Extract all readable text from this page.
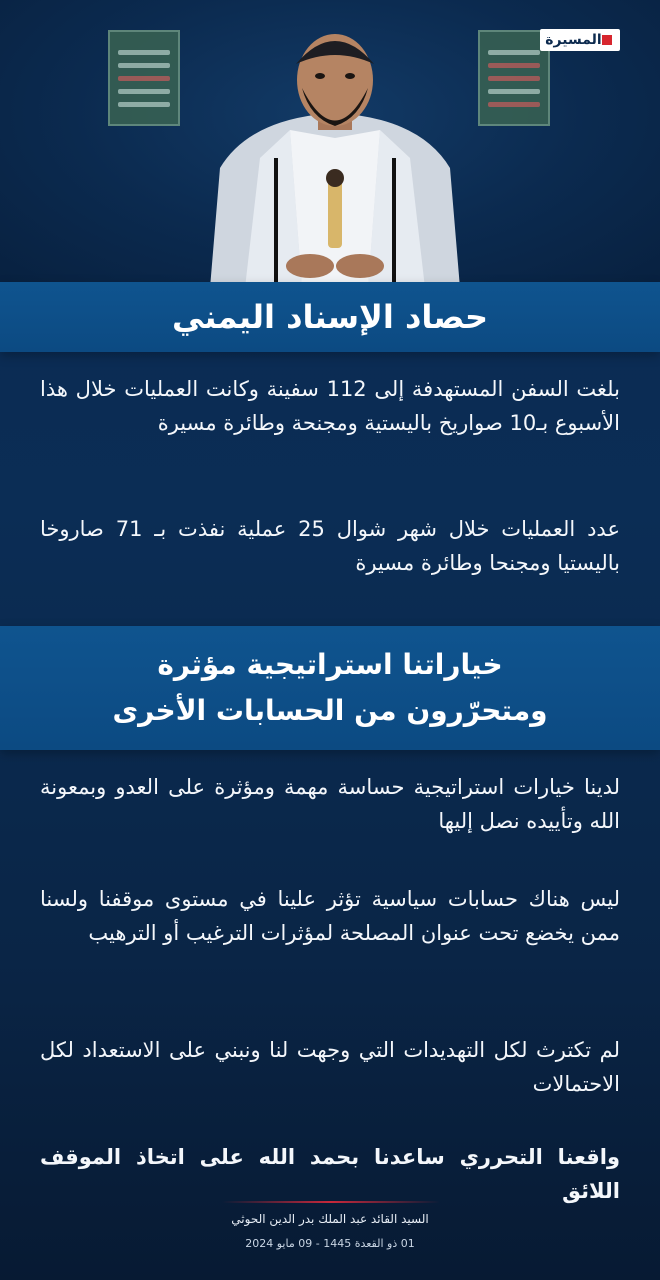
المسيرة
حصاد الإسناد اليمني

بلغت السفن المستهدفة إلى 112 سفينة وكانت العمليات خلال هذا الأسبوع بـ10 صواريخ باليستية ومجنحة وطائرة مسيرة

عدد العمليات خلال شهر شوال 25 عملية نفذت بـ 71 صاروخا باليستيا ومجنحا وطائرة مسيرة

خياراتنا استراتيجية مؤثرة
ومتحرّرون من الحسابات الأخرى

لدينا خيارات استراتيجية حساسة مهمة ومؤثرة على العدو وبمعونة الله وتأييده نصل إليها

ليس هناك حسابات سياسية تؤثر علينا في مستوى موقفنا ولسنا ممن يخضع تحت عنوان المصلحة لمؤثرات الترغيب أو الترهيب

لم تكترث لكل التهديدات التي وجهت لنا ونبني على الاستعداد لكل الاحتمالات

واقعنا التحرري ساعدنا بحمد الله على اتخاذ الموقف اللائق

السيد القائد عبد الملك بدر الدين الحوثي
01 ذو القعدة 1445 - 09 مايو 2024
